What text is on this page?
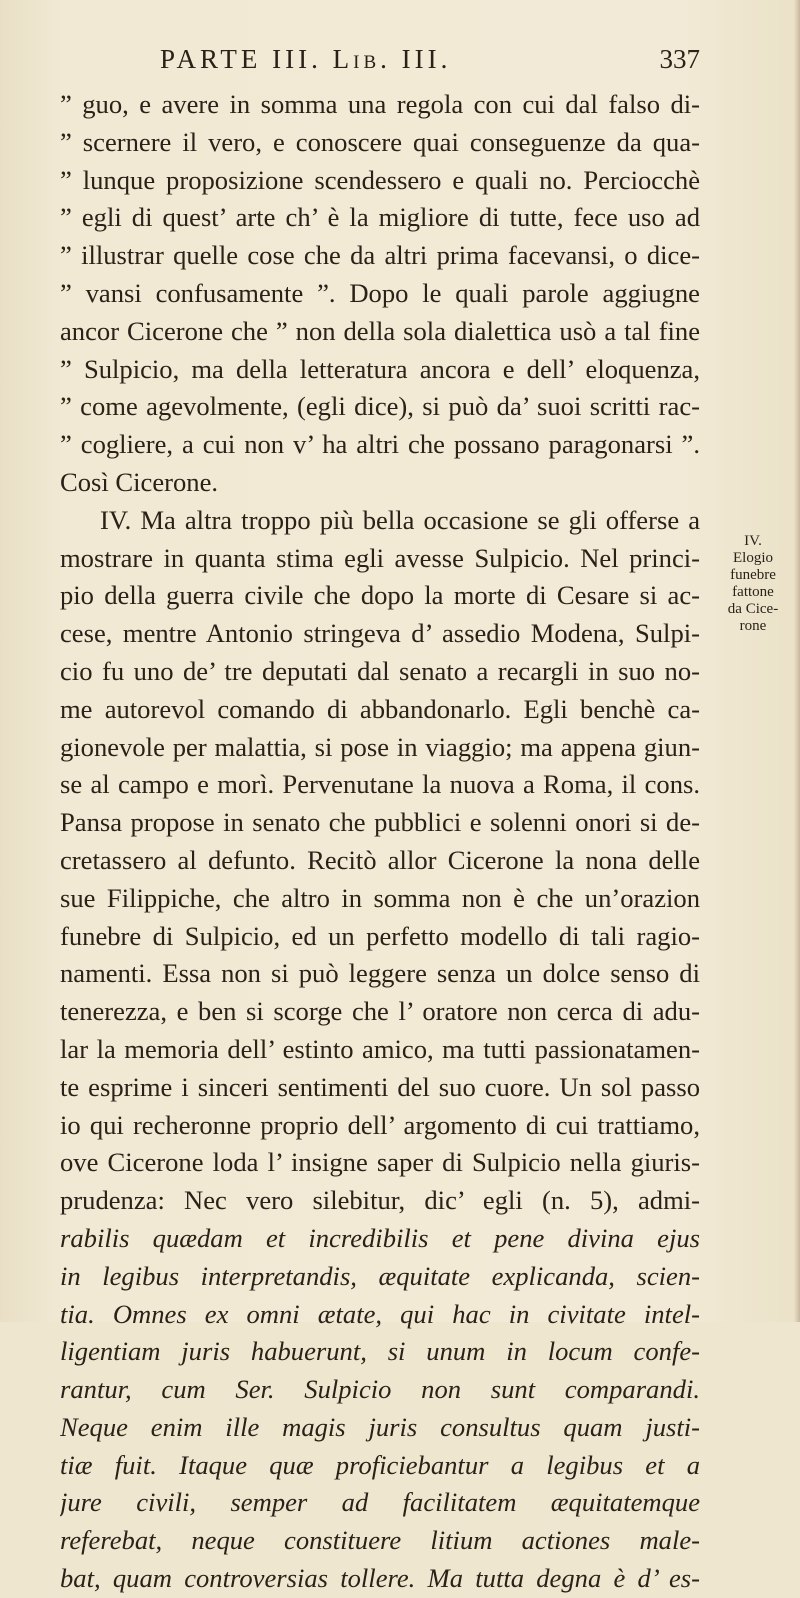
PARTE III. Lib. III.	337
” guo, e avere in somma una regola con cui dal falso di-
” scernere il vero, e conoscere quai conseguenze da qua-
” lunque proposizione scendessero e quali no. Perciocchè
” egli di quest’ arte ch’ è la migliore di tutte, fece uso ad
” illustrar quelle cose che da altri prima facevansi, o dice-
” vansi confusamente ”. Dopo le quali parole aggiugne
ancor Cicerone che ” non della sola dialettica usò a tal fine
” Sulpicio, ma della letteratura ancora e dell’ eloquenza,
” come agevolmente, (egli dice), si può da’ suoi scritti rac-
” cogliere, a cui non v’ ha altri che possano paragonarsi ”.
Così Cicerone.
IV. Ma altra troppo più bella occasione se gli offerse a
mostrare in quanta stima egli avesse Sulpicio. Nel princi-
pio della guerra civile che dopo la morte di Cesare si ac-
cese, mentre Antonio stringeva d’ assedio Modena, Sulpi-
cio fu uno de’ tre deputati dal senato a recargli in suo no-
me autorevol comando di abbandonarlo. Egli benchè ca-
gionevole per malattia, si pose in viaggio; ma appena giun-
se al campo e morì. Pervenutane la nuova a Roma, il cons.
Pansa propose in senato che pubblici e solenni onori si de-
cretassero al defunto. Recitò allor Cicerone la nona delle
sue Filippiche, che altro in somma non è che un’orazion
funebre di Sulpicio, ed un perfetto modello di tali ragio-
namenti. Essa non si può leggere senza un dolce senso di
tenerezza, e ben si scorge che l’ oratore non cerca di adu-
lar la memoria dell’ estinto amico, ma tutti passionatamen-
te esprime i sinceri sentimenti del suo cuore. Un sol passo
io qui recheronne proprio dell’ argomento di cui trattiamo,
ove Cicerone loda l’ insigne saper di Sulpicio nella giuris-
prudenza: Nec vero silebitur, dic’ egli (n. 5), admi-
rabilis quædam et incredibilis et pene divina ejus
in legibus interpretandis, æquitate explicanda, scien-
tia. Omnes ex omni ætate, qui hac in civitate intel-
ligentiam juris habuerunt, si unum in locum confe-
rantur, cum Ser. Sulpicio non sunt comparandi.
Neque enim ille magis juris consultus quam justi-
tiæ fuit. Itaque quæ proficiebantur a legibus et a
jure civili, semper ad facilitatem æquitatemque
referebat, neque constituere litium actiones male-
bat, quam controversias tollere. Ma tutta degna è d’ es-
IV.
Elogio
funebre
fattone
da Cice-
rone
